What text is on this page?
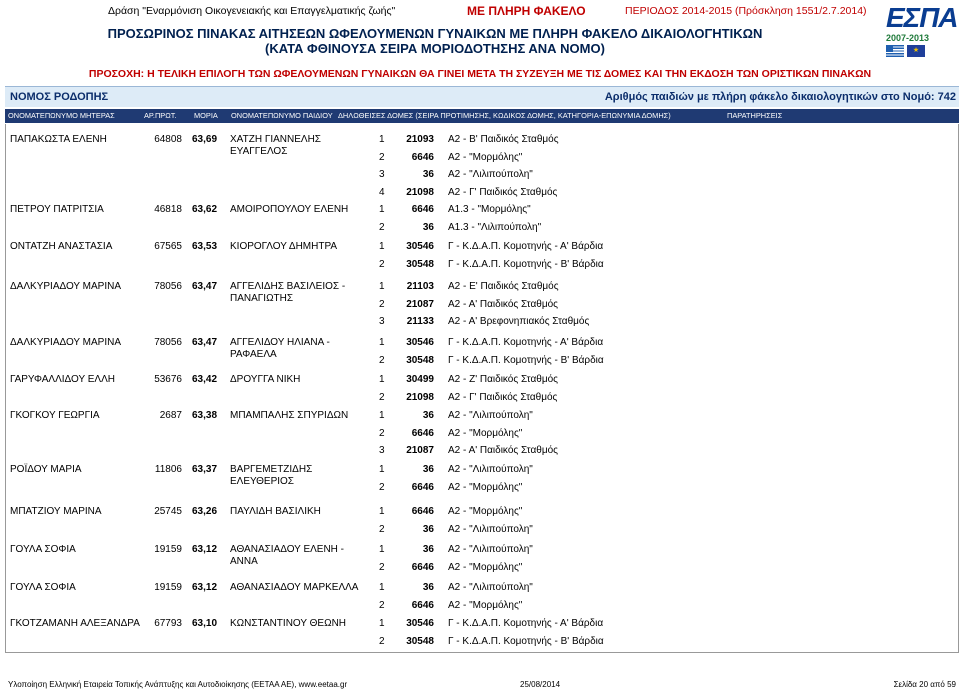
Δράση "Εναρμόνιση Οικογενειακής και Επαγγελματικής ζωής"	ΜΕ ΠΛΗΡΗ ΦΑΚΕΛΟ	ΠΕΡΙΟΔΟΣ 2014-2015 (Πρόσκληση 1551/2.7.2014) ΕΣΠΑ
2007-2013
★
ΠΡΟΣΩΡΙΝΟΣ ΠΙΝΑΚΑΣ ΑΙΤΗΣΕΩΝ ΩΦΕΛΟΥΜΕΝΩΝ ΓΥΝΑΙΚΩΝ ΜΕ ΠΛΗΡΗ ΦΑΚΕΛΟ ΔΙΚΑΙΟΛΟΓΗΤΙΚΩΝ
(ΚΑΤΑ ΦΘΙΝΟΥΣΑ ΣΕΙΡΑ ΜΟΡΙΟΔΟΤΗΣΗΣ ΑΝΑ ΝΟΜΟ)
ΠΡΟΣΟΧΗ: Η ΤΕΛΙΚΗ ΕΠΙΛΟΓΗ ΤΩΝ ΩΦΕΛΟΥΜΕΝΩΝ ΓΥΝΑΙΚΩΝ ΘΑ ΓΙΝΕΙ ΜΕΤΑ ΤΗ ΣΥΖΕΥΞΗ ΜΕ ΤΙΣ ΔΟΜΕΣ ΚΑΙ ΤΗΝ ΕΚΔΟΣΗ ΤΩΝ ΟΡΙΣΤΙΚΩΝ ΠΙΝΑΚΩΝ
ΝΟΜΟΣ ΡΟΔΟΠΗΣ	Αριθμός παιδιών με πλήρη φάκελο δικαιολογητικών στο Νομό: 742
ΟΝΟΜΑΤΕΠΩΝΥΜΟ ΜΗΤΕΡΑΣ	ΑΡ.ΠΡΩΤ. ΜΟΡΙΑ ΟΝΟΜΑΤΕΠΩΝΥΜΟ ΠΑΙΔΙΟΥ ΔΗΛΩΘΕΙΣΕΣ ΔΟΜΕΣ (ΣΕΙΡΑ ΠΡΟΤΙΜΗΣΗΣ, ΚΩΔΙΚΟΣ ΔΟΜΗΣ, ΚΑΤΗΓΟΡΙΑ-ΕΠΩΝΥΜΙΑ ΔΟΜΗΣ)	ΠΑΡΑΤΗΡΗΣΕΙΣ
ΠΑΠΑΚΩΣΤΑ ΕΛΕΝΗ	64808 63,69 ΧΑΤΖΗ ΓΙΑΝΝΕΛΗΣ ΕΥΑΓΓΕΛΟΣ
1	21093 Α2 - Β' Παιδικός Σταθμός
2	6646 Α2 - "Μορμόλης"
3	36 Α2 - "Λιλιπούπολη"
4	21098 Α2 - Γ' Παιδικός Σταθμός
ΠΕΤΡΟΥ ΠΑΤΡΙΤΣΙΑ	46818 63,62 ΑΜΟΙΡΟΠΟΥΛΟΥ ΕΛΕΝΗ	1	6646 Α1.3 - "Μορμόλης"
2	36 Α1.3 - "Λιλιπούπολη"
ΟΝΤΑΤΖΗ ΑΝΑΣΤΑΣΙΑ	67565 63,53 ΚΙΟΡΟΓΛΟΥ ΔΗΜΗΤΡΑ	1	30546 Γ - Κ.Δ.Α.Π. Κομοτηνής - Α' Βάρδια
2	30548 Γ - Κ.Δ.Α.Π. Κομοτηνής - Β' Βάρδια
ΔΑΛΚΥΡΙΑΔΟΥ ΜΑΡΙΝΑ	78056 63,47 ΑΓΓΕΛΙΔΗΣ ΒΑΣΙΛΕΙΟΣ - ΠΑΝΑΓΙΩΤΗΣ
1	21103 Α2 - Ε' Παιδικός Σταθμός
2	21087 Α2 - Α' Παιδικός Σταθμός
3	21133 Α2 - Α' Βρεφονηπιακός Σταθμός
ΔΑΛΚΥΡΙΑΔΟΥ ΜΑΡΙΝΑ	78056 63,47 ΑΓΓΕΛΙΔΟΥ ΗΛΙΑΝΑ - ΡΑΦΑΕΛΑ
1	30546 Γ - Κ.Δ.Α.Π. Κομοτηνής - Α' Βάρδια
2	30548 Γ - Κ.Δ.Α.Π. Κομοτηνής - Β' Βάρδια
ΓΑΡΥΦΑΛΛΙΔΟΥ ΕΛΛΗ	53676 63,42 ΔΡΟΥΓΓΑ ΝΙΚΗ	1	30499 Α2 - Ζ' Παιδικός Σταθμός
2	21098 Α2 - Γ' Παιδικός Σταθμός
ΓΚΟΓΚΟΥ ΓΕΩΡΓΙΑ	2687 63,38 ΜΠΑΜΠΑΛΗΣ ΣΠΥΡΙΔΩΝ	1	36 Α2 - "Λιλιπούπολη"
2	6646 Α2 - "Μορμόλης"
3	21087 Α2 - Α' Παιδικός Σταθμός
ΡΟΪΔΟΥ ΜΑΡΙΑ	11806 63,37 ΒΑΡΓΕΜΕΤΖΙΔΗΣ ΕΛΕΥΘΕΡΙΟΣ
1	36 Α2 - "Λιλιπούπολη"
2	6646 Α2 - "Μορμόλης"
ΜΠΑΤΖΙΟΥ ΜΑΡΙΝΑ	25745 63,26 ΠΑΥΛΙΔΗ ΒΑΣΙΛΙΚΗ	1	6646 Α2 - "Μορμόλης"
2	36 Α2 - "Λιλιπούπολη"
ΓΟΥΛΑ ΣΟΦΙΑ	19159 63,12 ΑΘΑΝΑΣΙΑΔΟΥ ΕΛΕΝΗ - ΑΝΝΑ
1	36 Α2 - "Λιλιπούπολη"
2	6646 Α2 - "Μορμόλης"
ΓΟΥΛΑ ΣΟΦΙΑ	19159 63,12 ΑΘΑΝΑΣΙΑΔΟΥ ΜΑΡΚΕΛΛΑ	1	36 Α2 - "Λιλιπούπολη"
2	6646 Α2 - "Μορμόλης"
ΓΚΟΤΖΑΜΑΝΗ ΑΛΕΞΑΝΔΡΑ	67793 63,10 ΚΩΝΣΤΑΝΤΙΝΟΥ ΘΕΩΝΗ	1	30546 Γ - Κ.Δ.Α.Π. Κομοτηνής - Α' Βάρδια
2	30548 Γ - Κ.Δ.Α.Π. Κομοτηνής - Β' Βάρδια
Υλοποίηση Ελληνική Εταιρεία Τοπικής Ανάπτυξης και Αυτοδιοίκησης (ΕΕΤΑΑ ΑΕ), www.eetaa.gr	25/08/2014	Σελίδα 20 από 59
